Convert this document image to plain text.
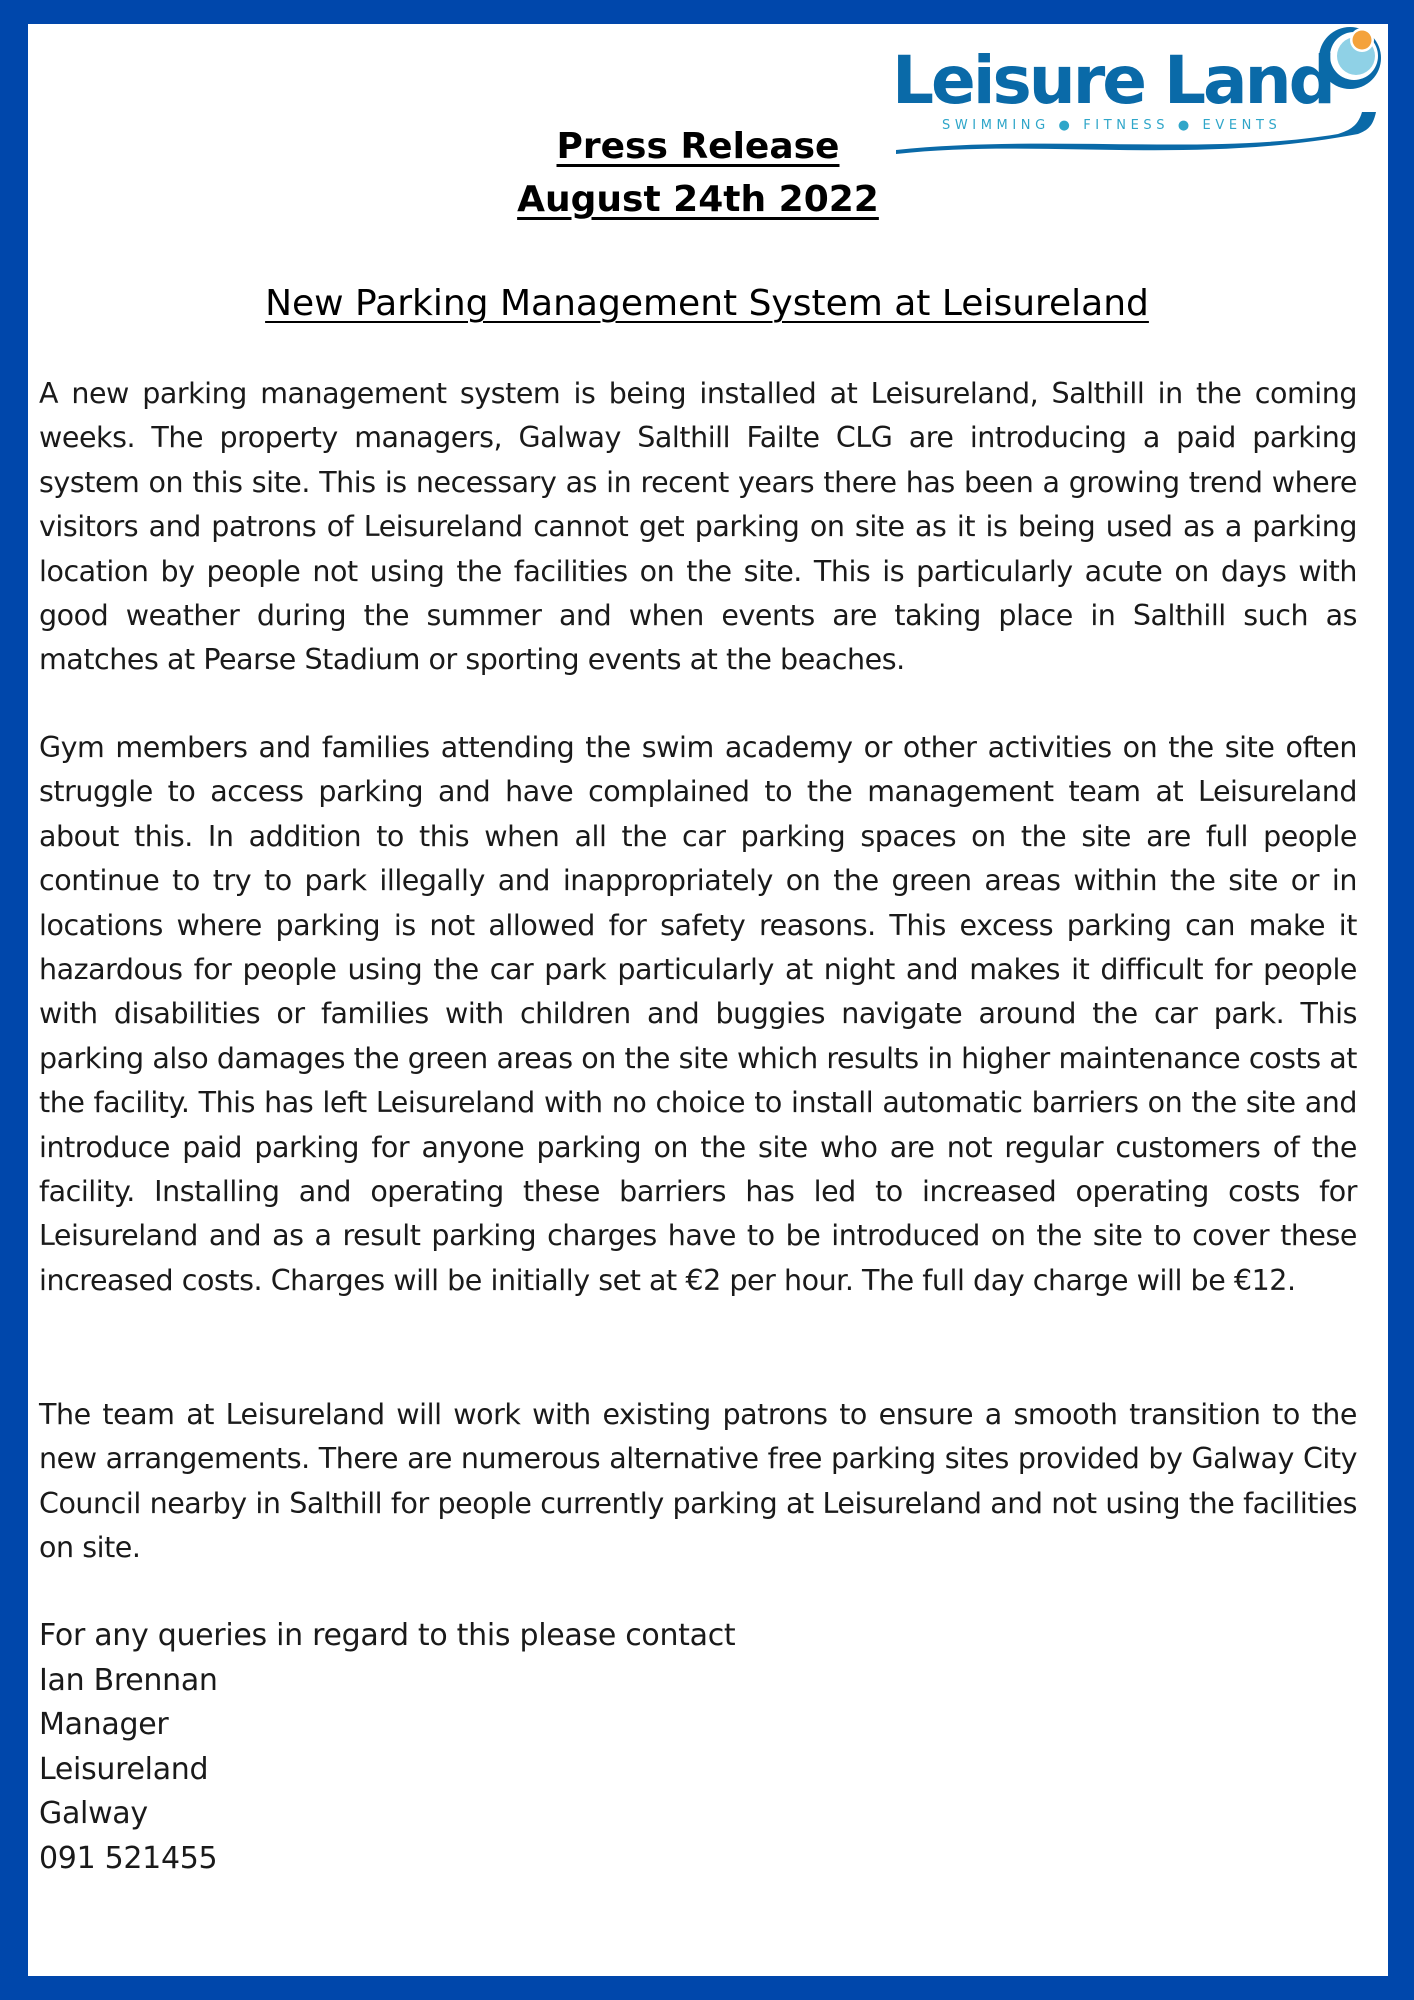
Leisure Land
SWIMMING ● FITNESS ● EVENTS
Press Release
August 24th 2022
New Parking Management System at Leisureland
A new parking management system is being installed at Leisureland, Salthill in the coming weeks. The property managers, Galway Salthill Failte CLG are introducing a paid parking system on this site. This is necessary as in recent years there has been a growing trend where visitors and patrons of Leisureland cannot get parking on site as it is being used as a parking location by people not using the facilities on the site. This is particularly acute on days with good weather during the summer and when events are taking place in Salthill such as matches at Pearse Stadium or sporting events at the beaches.
Gym members and families attending the swim academy or other activities on the site often struggle to access parking and have complained to the management team at Leisureland about this. In addition to this when all the car parking spaces on the site are full people continue to try to park illegally and inappropriately on the green areas within the site or in locations where parking is not allowed for safety reasons. This excess parking can make it hazardous for people using the car park particularly at night and makes it difficult for people with disabilities or families with children and buggies navigate around the car park. This parking also damages the green areas on the site which results in higher maintenance costs at the facility. This has left Leisureland with no choice to install automatic barriers on the site and introduce paid parking for anyone parking on the site who are not regular customers of the facility. Installing and operating these barriers has led to increased operating costs for Leisureland and as a result parking charges have to be introduced on the site to cover these increased costs. Charges will be initially set at €2 per hour. The full day charge will be €12.
The team at Leisureland will work with existing patrons to ensure a smooth transition to the new arrangements. There are numerous alternative free parking sites provided by Galway City Council nearby in Salthill for people currently parking at Leisureland and not using the facilities on site.
For any queries in regard to this please contact
Ian Brennan
Manager
Leisureland
Galway
091 521455
